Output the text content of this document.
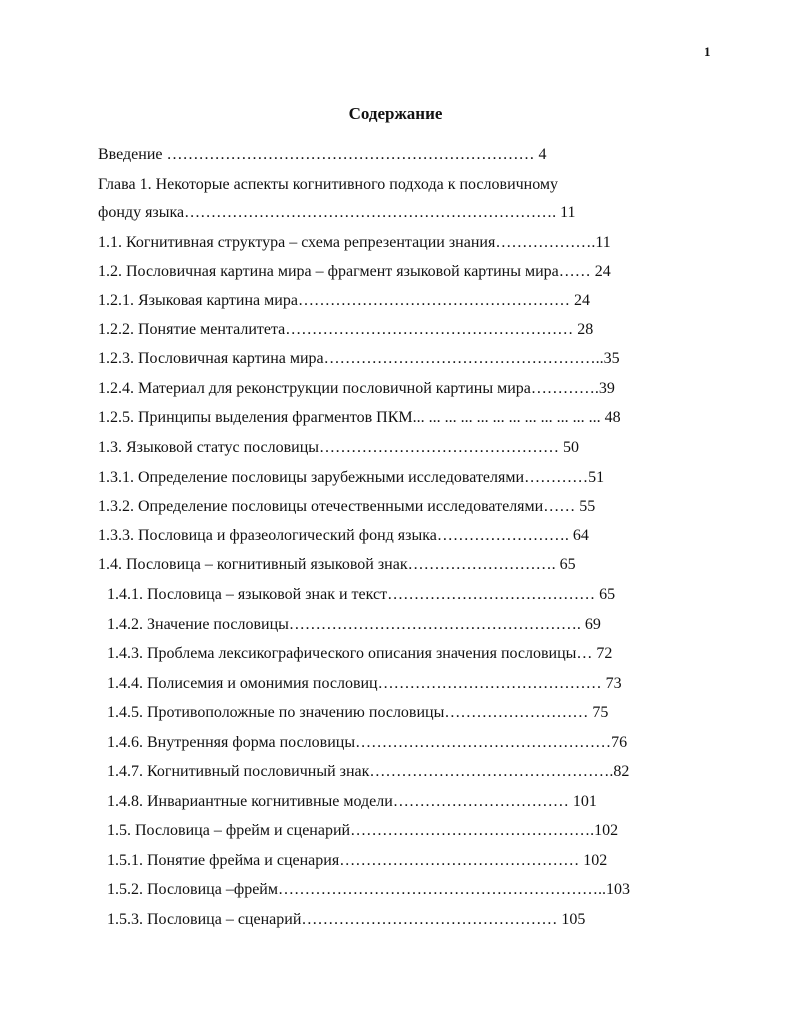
1
Содержание
Введение …………………………………………………………… 4
Глава 1. Некоторые аспекты когнитивного подхода к пословичному
фонду языка……………………………………………………………. 11
1.1. Когнитивная структура – схема репрезентации знания……………….11
1.2. Пословичная картина мира – фрагмент языковой картины мира…… 24
1.2.1. Языковая картина мира…………………………………………… 24
1.2.2. Понятие менталитета……………………………………………… 28
1.2.3. Пословичная картина мира……………………………………………..35
1.2.4. Материал для реконструкции пословичной картины мира………….39
1.2.5. Принципы выделения фрагментов ПКМ... ... ... ... ... ... ... ... ... ... ... ... 48
1.3. Языковой статус пословицы……………………………………… 50
1.3.1. Определение пословицы зарубежными исследователями…………51
1.3.2. Определение пословицы отечественными исследователями…… 55
1.3.3. Пословица и фразеологический фонд языка……………………. 64
1.4. Пословица – когнитивный языковой знак………………………. 65
1.4.1. Пословица – языковой знак и текст………………………………… 65
1.4.2. Значение пословицы………………………………………………. 69
1.4.3. Проблема лексикографического описания значения пословицы… 72
1.4.4. Полисемия и омонимия пословиц…………………………………… 73
1.4.5. Противоположные по значению пословицы……………………… 75
1.4.6. Внутренняя форма пословицы…………………………………………76
1.4.7. Когнитивный пословичный знак……………………………………….82
1.4.8. Инвариантные когнитивные модели…………………………… 101
1.5. Пословица – фрейм и сценарий……………………………………….102
1.5.1. Понятие фрейма и сценария……………………………………… 102
1.5.2. Пословица –фрейм……………………………………………………..103
1.5.3. Пословица – сценарий………………………………………… 105
